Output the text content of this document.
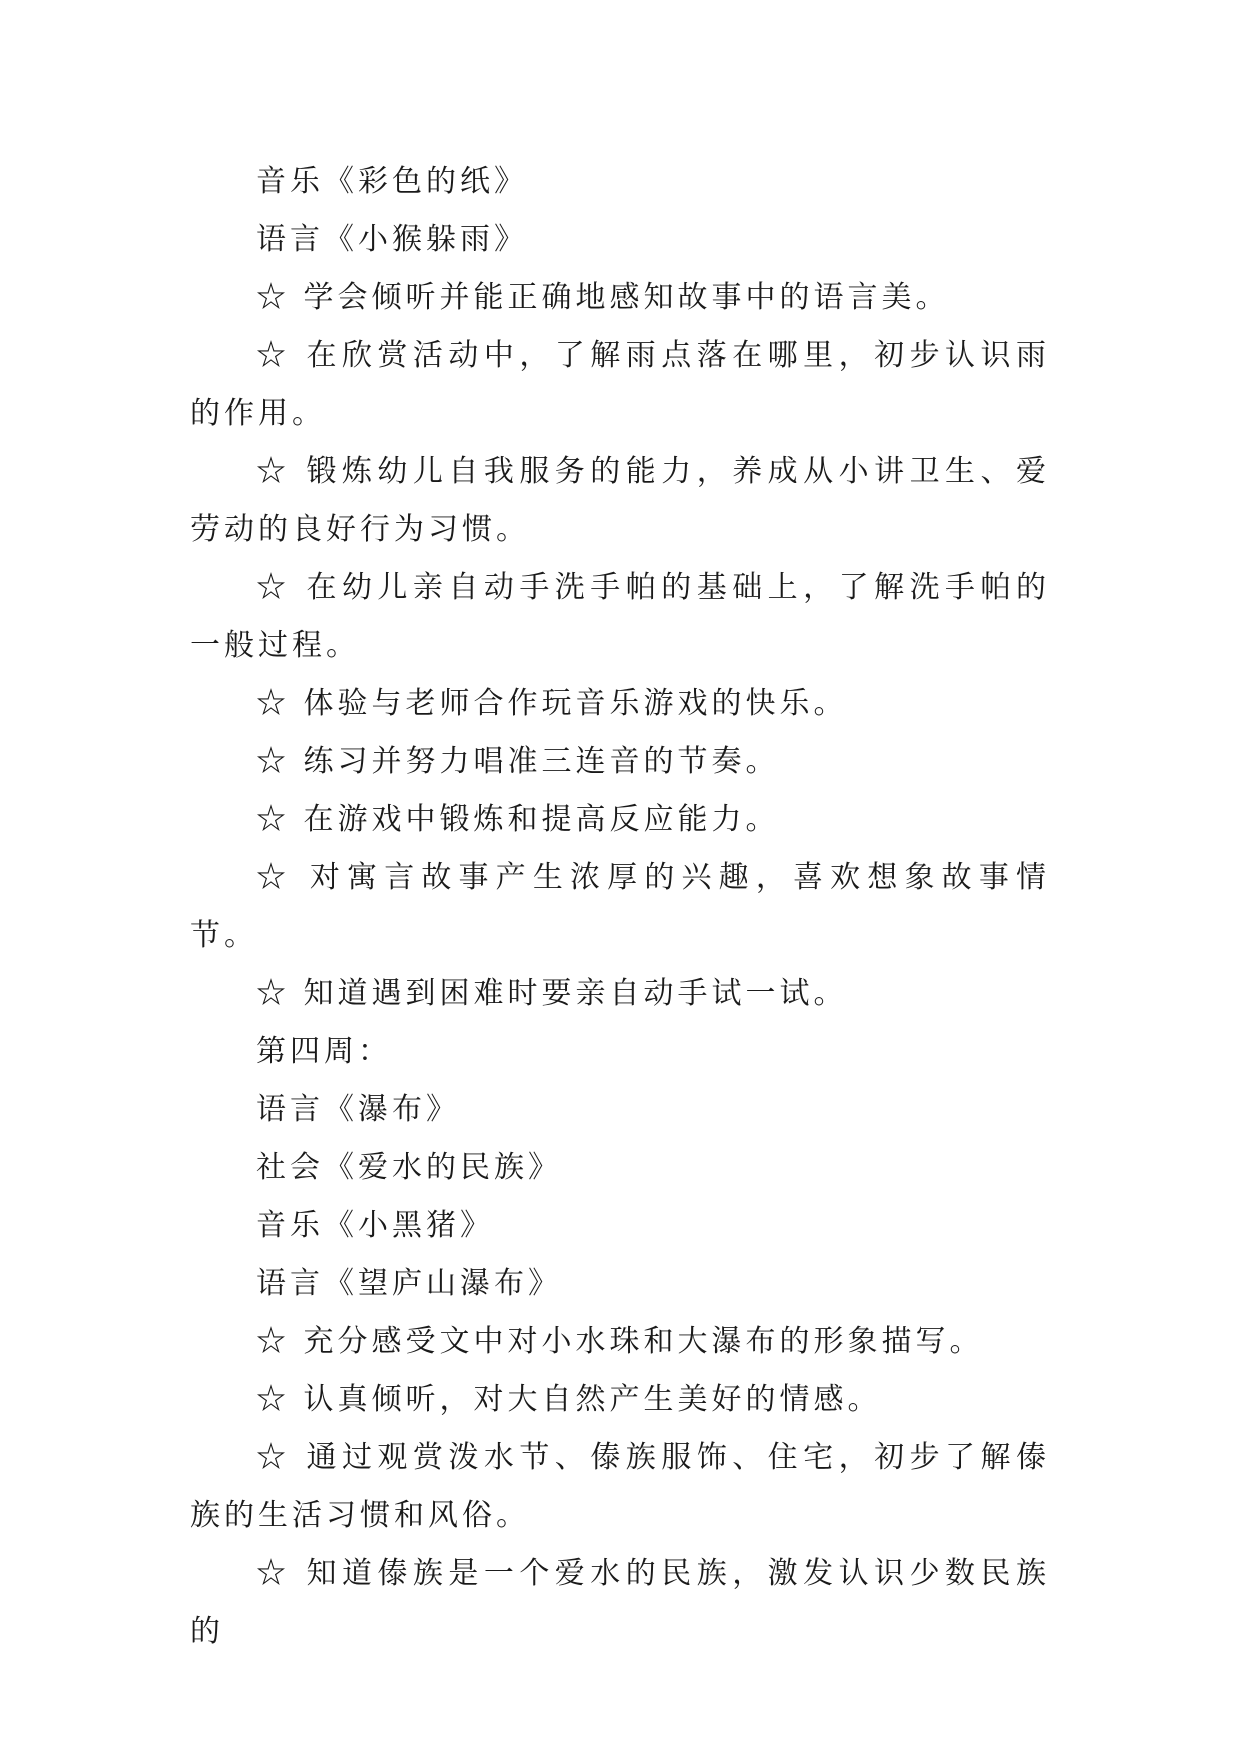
音乐《彩色的纸》

语言《小猴躲雨》

☆ 学会倾听并能正确地感知故事中的语言美。

☆ 在欣赏活动中，了解雨点落在哪里，初步认识雨的作用。

☆ 锻炼幼儿自我服务的能力，养成从小讲卫生、爱劳动的良好行为习惯。

☆ 在幼儿亲自动手洗手帕的基础上，了解洗手帕的一般过程。

☆ 体验与老师合作玩音乐游戏的快乐。

☆ 练习并努力唱准三连音的节奏。

☆ 在游戏中锻炼和提高反应能力。

☆ 对寓言故事产生浓厚的兴趣，喜欢想象故事情节。

☆ 知道遇到困难时要亲自动手试一试。

第四周：

语言《瀑布》

社会《爱水的民族》

音乐《小黑猪》

语言《望庐山瀑布》

☆ 充分感受文中对小水珠和大瀑布的形象描写。

☆ 认真倾听，对大自然产生美好的情感。

☆ 通过观赏泼水节、傣族服饰、住宅，初步了解傣族的生活习惯和风俗。

☆ 知道傣族是一个爱水的民族，激发认识少数民族的
